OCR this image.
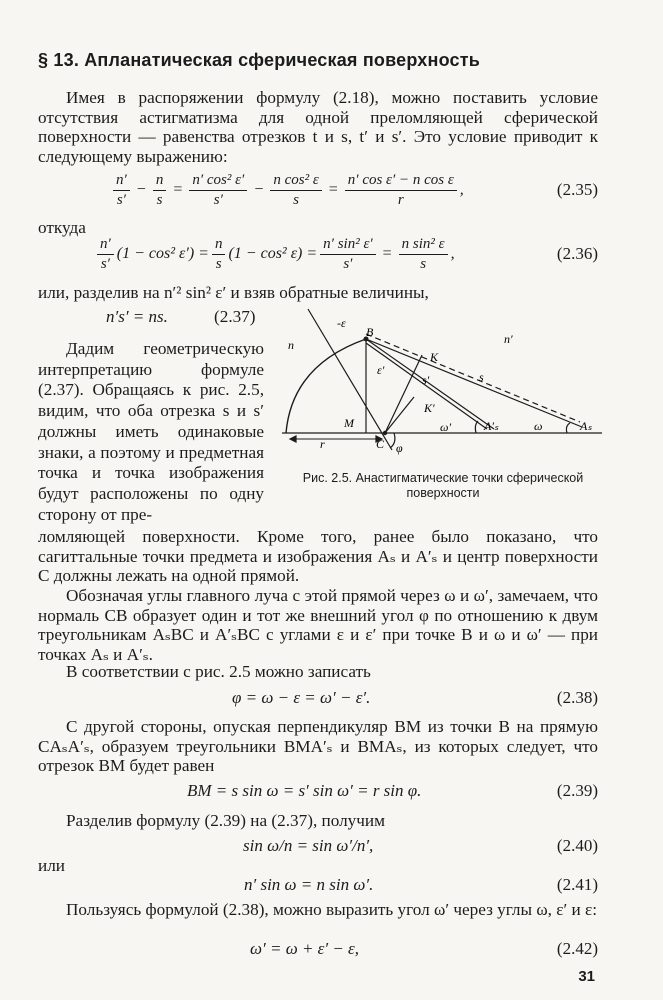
§ 13. Апланатическая сферическая поверхность
Имея в распоряжении формулу (2.18), можно поставить условие отсутствия астигматизма для одной преломляющей сферической поверхности — равенства отрезков t и s, t′ и s′. Это условие приводит к следующему выражению:
$\frac{n'}{s'} - \frac{n}{s} = \frac{\text{n′ cos² ε′}}{s'} - \frac{\text{n cos² ε}}{s} = \frac{\text{n′ cos ε′ − n cos ε}}{r}$ ,	(2.35)
откуда
$\frac{n'}{s'} (1 - \cos^2$ $\varepsilon') = \frac{n}{s} (1 - \cos^2$ $\varepsilon) = \frac{\text{n′ sin² ε′}}{s'} = \frac{\text{n sin² ε}}{s}$ ,	(2.36)
или, разделив на n′² sin² ε′ и взяв обратные величины,
n′s′ = ns.	(2.37)
Дадим геометрическую интерпретацию формуле (2.37). Обращаясь к рис. 2.5, видим, что оба отрезка s и s′ должны иметь одинаковые знаки, а поэтому и предметная точка и точка изображения будут расположены по одну сторону от пре-
-ε
B
n	n′
ε′
K
s′	s
K′
M	ω′	A′ₛ	ω	Aₛ
r	C φ
Рис. 2.5. Анастигматические точки сферической поверхности
ломляющей поверхности. Кроме того, ранее было показано, что сагиттальные точки предмета и изображения Aₛ и A′ₛ и центр поверхности C должны лежать на одной прямой.
Обозначая углы главного луча с этой прямой через ω и ω′, замечаем, что нормаль CB образует один и тот же внешний угол φ по отношению к двум треугольникам AₛBC и A′ₛBC с углами ε и ε′ при точке B и ω и ω′ — при точках Aₛ и A′ₛ.
В соответствии с рис. 2.5 можно записать
φ = ω − ε = ω′ − ε′.	(2.38)
С другой стороны, опуская перпендикуляр BM из точки B на прямую CAₛA′ₛ, образуем треугольники BMA′ₛ и BMAₛ, из которых следует, что отрезок BM будет равен
BM = s sin ω = s′ sin ω′ = r sin φ.	(2.39)
Разделив формулу (2.39) на (2.37), получим
sin ω/n = sin ω′/n′,	(2.40)
или
n′ sin ω = n sin ω′.	(2.41)
Пользуясь формулой (2.38), можно выразить угол ω′ через углы ω, ε′ и ε:
ω′ = ω + ε′ − ε,	(2.42)
31
